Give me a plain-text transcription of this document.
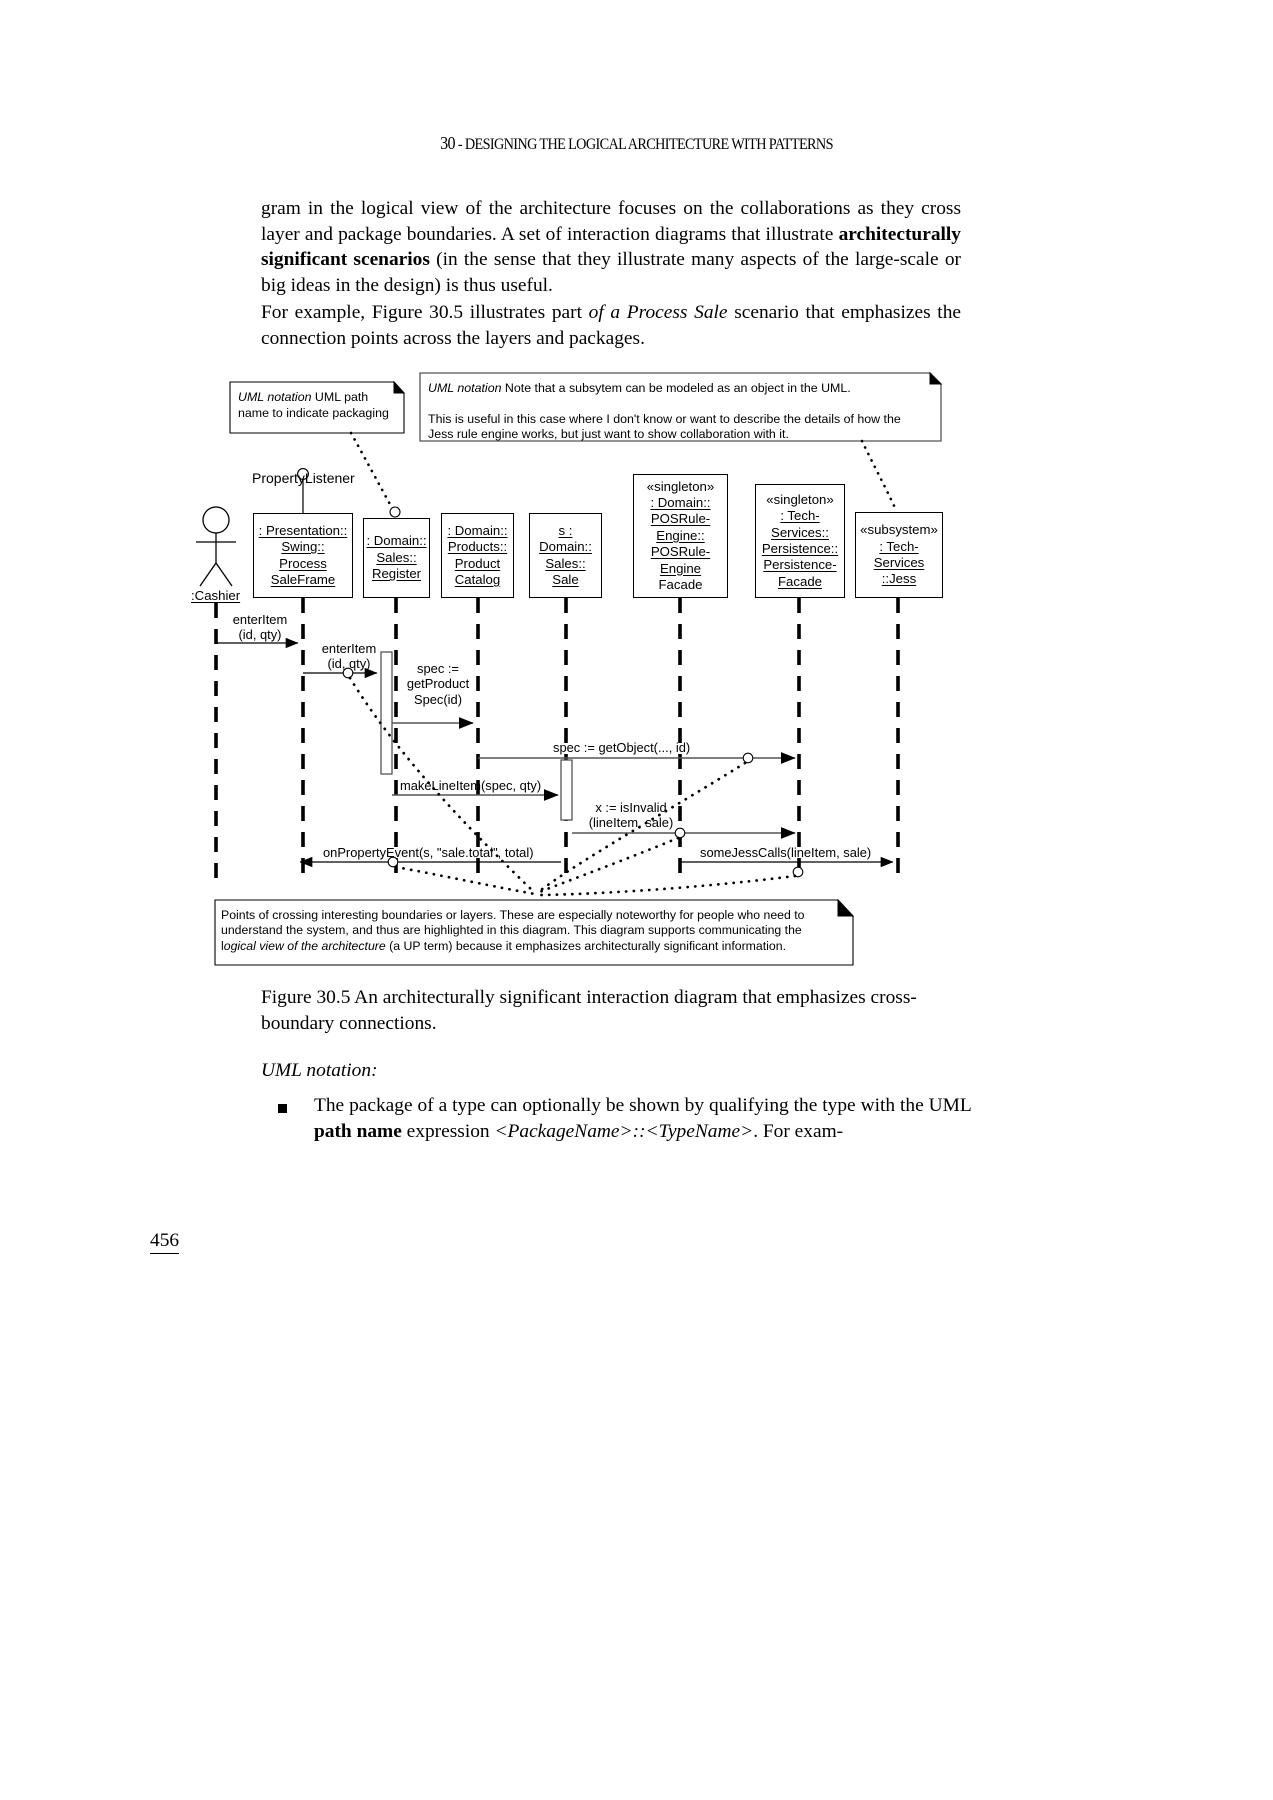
30 - DESIGNING THE LOGICAL ARCHITECTURE WITH PATTERNS
gram in the logical view of the architecture focuses on the collaborations as they cross layer and package boundaries. A set of interaction diagrams that illustrate architecturally significant scenarios (in the sense that they illustrate many aspects of the large-scale or big ideas in the design) is thus useful.
For example, Figure 30.5 illustrates part of a Process Sale scenario that emphasizes the connection points across the layers and packages.
UML notation UML path name to indicate packaging
UML notation Note that a subsytem can be modeled as an object in the UML.
This is useful in this case where I don't know or want to describe the details of how the
Jess rule engine works, but just want to show collaboration with it.
PropertyListener
:Cashier
: Presentation::
Swing::
Process
SaleFrame
: Domain::
Sales::
Register
: Domain::
Products::
Product
Catalog
s :
Domain::
Sales::
Sale
«singleton»
: Domain::
POSRule-
Engine::
POSRule-
Engine
Facade
«singleton»
: Tech-
Services::
Persistence::
Persistence-
Facade
«subsystem»
: Tech-
Services
::Jess
enterItem
(id, qty)
enterItem
(id, qty)	spec :=
getProduct
Spec(id)
spec := getObject(..., id)
makeLineItem(spec, qty)
x := isInvalid
(lineItem, sale)
onPropertyEvent(s, "sale.total", total)	someJessCalls(lineItem, sale)
Points of crossing interesting boundaries or layers. These are especially noteworthy for people who need to
understand the system, and thus are highlighted in this diagram. This diagram supports communicating the
logical view of the architecture (a UP term) because it emphasizes architecturally significant information.
Figure 30.5 An architecturally significant interaction diagram that emphasizes cross-boundary connections.
UML notation:
The package of a type can optionally be shown by qualifying the type with the UML path name expression <PackageName>::<TypeName>. For exam-
456
